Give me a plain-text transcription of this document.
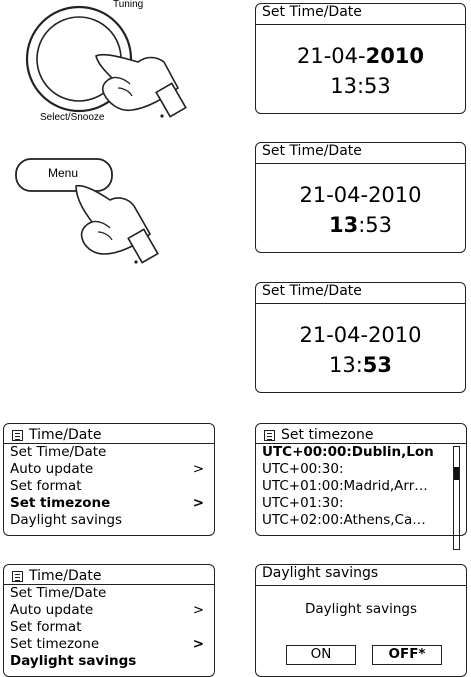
Tuning
Select/Snooze
Set Time/Date
21-04-2010
13:53
Menu
Set Time/Date
21-04-2010
13:53
Set Time/Date
21-04-2010
13:53
Time/Date
Set Time/Date
Auto update	>
Set format
Set timezone	>
Daylight savings
Set timezone
UTC+00:00:Dublin,Lon
UTC+00:30:
UTC+01:00:Madrid,Arr…
UTC+01:30:
UTC+02:00:Athens,Ca…
Time/Date
Set Time/Date
Auto update	>
Set format
Set timezone	>
Daylight savings
Daylight savings
Daylight savings
ON	OFF*
